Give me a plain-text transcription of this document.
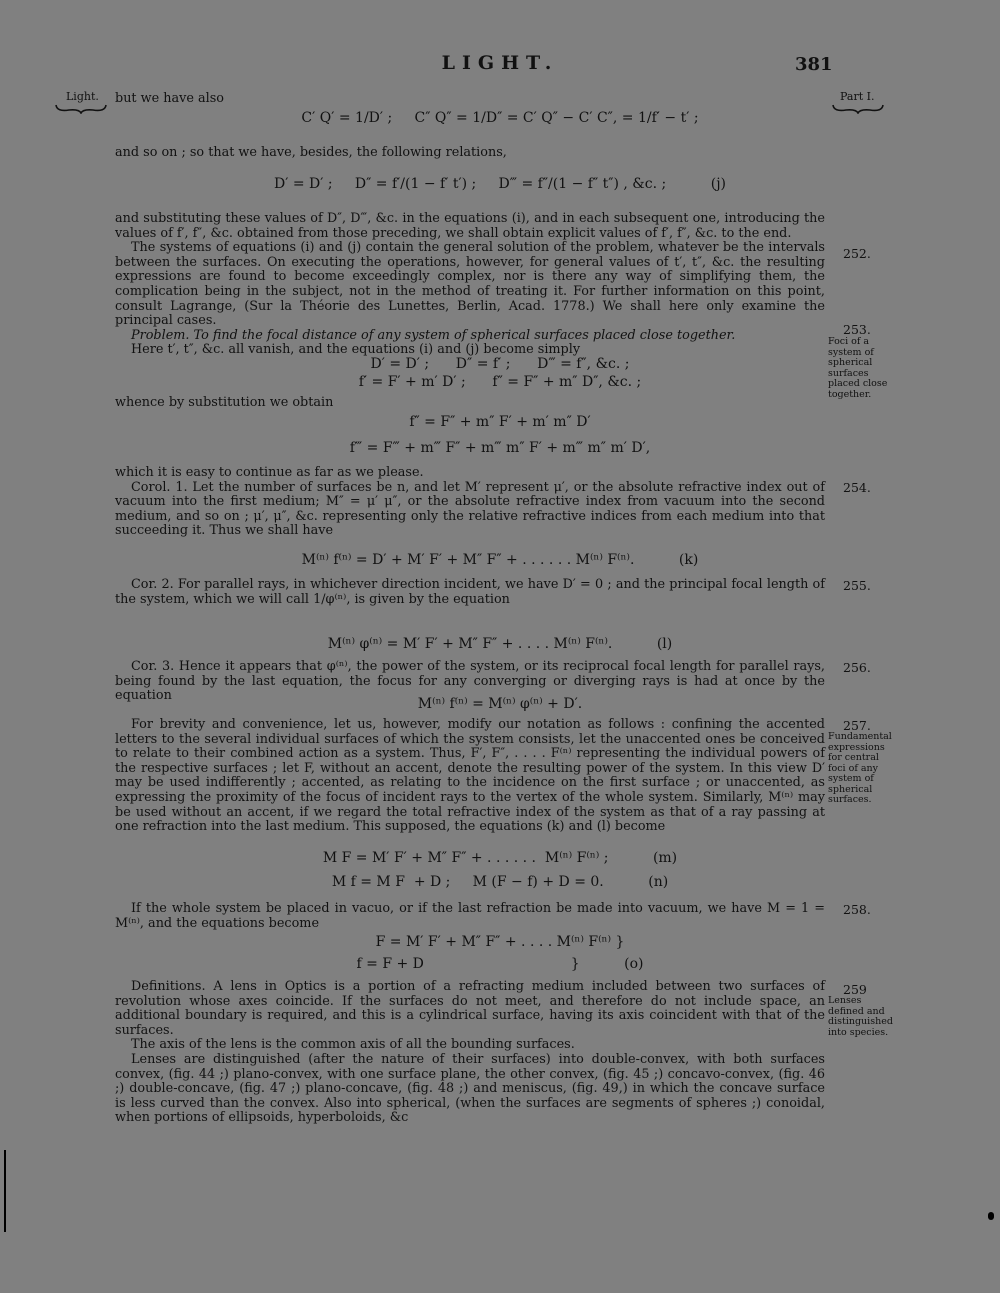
LIGHT.	381
Light.	Part I.

but we have also

C′ Q′ = 1/D′ ;     C″ Q″ = 1/D″ = C′ Q″ − C′ C″, = 1/f′ − t′ ;

and so on ; so that we have, besides, the following relations,

D′ = D′ ;     D″ = f′/(1 − f′ t′) ;     D‴ = f″/(1 − f″ t″) , &c. ;          (j)

and substituting these values of D″, D‴, &c. in the equations (i), and in each subsequent one, introducing the values of f′, f″, &c. obtained from those preceding, we shall obtain explicit values of f′, f″, &c. to the end.

The systems of equations (i) and (j) contain the general solution of the problem, whatever be the intervals between the surfaces. On executing the operations, however, for general values of t′, t″, &c. the resulting expressions are found to become exceedingly complex, nor is there any way of simplifying them, the complication being in the subject, not in the method of treating it. For further information on this point, consult Lagrange, (Sur la Théorie des Lunettes, Berlin, Acad. 1778.) We shall here only examine the principal cases.

Problem. To find the focal distance of any system of spherical surfaces placed close together.

Here t′, t″, &c. all vanish, and the equations (i) and (j) become simply

D′ = D′ ;      D″ = f′ ;      D‴ = f″, &c. ;
f′ = F′ + m′ D′ ;      f″ = F″ + m″ D″, &c. ;

whence by substitution we obtain

f″ = F″ + m″ F′ + m′ m″ D′
f‴ = F‴ + m‴ F″ + m‴ m″ F′ + m‴ m″ m′ D′,

which it is easy to continue as far as we please.

Corol. 1. Let the number of surfaces be n, and let M′ represent μ′, or the absolute refractive index out of vacuum into the first medium; M″ = μ′ μ″, or the absolute refractive index from vacuum into the second medium, and so on ; μ′, μ″, &c. representing only the relative refractive indices from each medium into that succeeding it. Thus we shall have

M⁽ⁿ⁾ f⁽ⁿ⁾ = D′ + M′ F′ + M″ F″ + . . . . . . M⁽ⁿ⁾ F⁽ⁿ⁾.          (k)

Cor. 2. For parallel rays, in whichever direction incident, we have D′ = 0 ; and the principal focal length of the system, which we will call 1/φ⁽ⁿ⁾, is given by the equation

M⁽ⁿ⁾ φ⁽ⁿ⁾ = M′ F′ + M″ F″ + . . . . M⁽ⁿ⁾ F⁽ⁿ⁾.          (l)

Cor. 3. Hence it appears that φ⁽ⁿ⁾, the power of the system, or its reciprocal focal length for parallel rays, being found by the last equation, the focus for any converging or diverging rays is had at once by the equation

M⁽ⁿ⁾ f⁽ⁿ⁾ = M⁽ⁿ⁾ φ⁽ⁿ⁾ + D′.

For brevity and convenience, let us, however, modify our notation as follows : confining the accented letters to the several individual surfaces of which the system consists, let the unaccented ones be conceived to relate to their combined action as a system. Thus, F′, F″, . . . . F⁽ⁿ⁾ representing the individual powers of the respective surfaces ; let F, without an accent, denote the resulting power of the system. In this view D′ may be used indifferently ; accented, as relating to the incidence on the first surface ; or unaccented, as expressing the proximity of the focus of incident rays to the vertex of the whole system. Similarly, M⁽ⁿ⁾ may be used without an accent, if we regard the total refractive index of the system as that of a ray passing at one refraction into the last medium. This supposed, the equations (k) and (l) become

M F = M′ F′ + M″ F″ + . . . . . .  M⁽ⁿ⁾ F⁽ⁿ⁾ ;          (m)
M f = M F  + D ;     M (F − f) + D = 0.          (n)

If the whole system be placed in vacuo, or if the last refraction be made into vacuum, we have M = 1 = M⁽ⁿ⁾, and the equations become

F = M′ F′ + M″ F″ + . . . . M⁽ⁿ⁾ F⁽ⁿ⁾ }
f = F + D                                 }          (o)

Definitions. A lens in Optics is a portion of a refracting medium included between two surfaces of revolution whose axes coincide. If the surfaces do not meet, and therefore do not include space, an additional boundary is required, and this is a cylindrical surface, having its axis coincident with that of the surfaces.

The axis of the lens is the common axis of all the bounding surfaces.

Lenses are distinguished (after the nature of their surfaces) into double-convex, with both surfaces convex, (fig. 44 ;) plano-convex, with one surface plane, the other convex, (fig. 45 ;) concavo-convex, (fig. 46 ;) double-concave, (fig. 47 ;) plano-concave, (fig. 48 ;) and meniscus, (fig. 49,) in which the concave surface is less curved than the convex. Also into spherical, (when the surfaces are segments of spheres ;) conoidal, when portions of ellipsoids, hyperboloids, &c

252.
253.
254.
255.
256.
257.
258.
259
Foci of a system of spherical surfaces placed close together.
Fundamental expressions for central foci of any system of spherical surfaces.
Lenses defined and distinguished into species.
